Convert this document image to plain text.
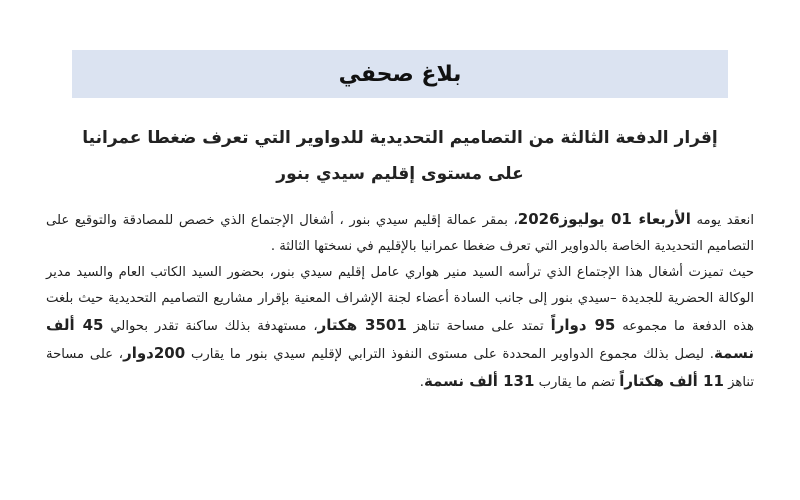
بلاغ صحفي
إقرار الدفعة الثالثة من التصاميم التحديدية للدواوير التي تعرف ضغطا عمرانيا
على مستوى إقليم سيدي بنور

انعقد يومه الأربعاء 01 يوليوز2026، بمقر عمالة إقليم سيدي بنور ، أشغال الإجتماع الذي خصص للمصادقة والتوقيع على التصاميم التحديدية الخاصة بالدواوير التي تعرف ضغطا عمرانيا بالإقليم في نسختها الثالثة .

حيث تميزت أشغال هذا الإجتماع الذي ترأسه السيد منير هواري عامل إقليم سيدي بنور، بحضور السيد الكاتب العام والسيد مدير الوكالة الحضرية للجديدة –سيدي بنور إلى جانب السادة أعضاء لجنة الإشراف المعنية بإقرار مشاريع التصاميم التحديدية حيث بلغت هذه الدفعة ما مجموعه 95 دواراً تمتد على مساحة تناهز 3501 هكتار، مستهدفة بذلك ساكنة تقدر بحوالي 45 ألف نسمة. ليصل بذلك مجموع الدواوير المحددة على مستوى النفوذ الترابي لإقليم سيدي بنور ما يقارب 200دوار، على مساحة تناهز 11 ألف هكتاراً تضم ما يقارب 131 ألف نسمة.
